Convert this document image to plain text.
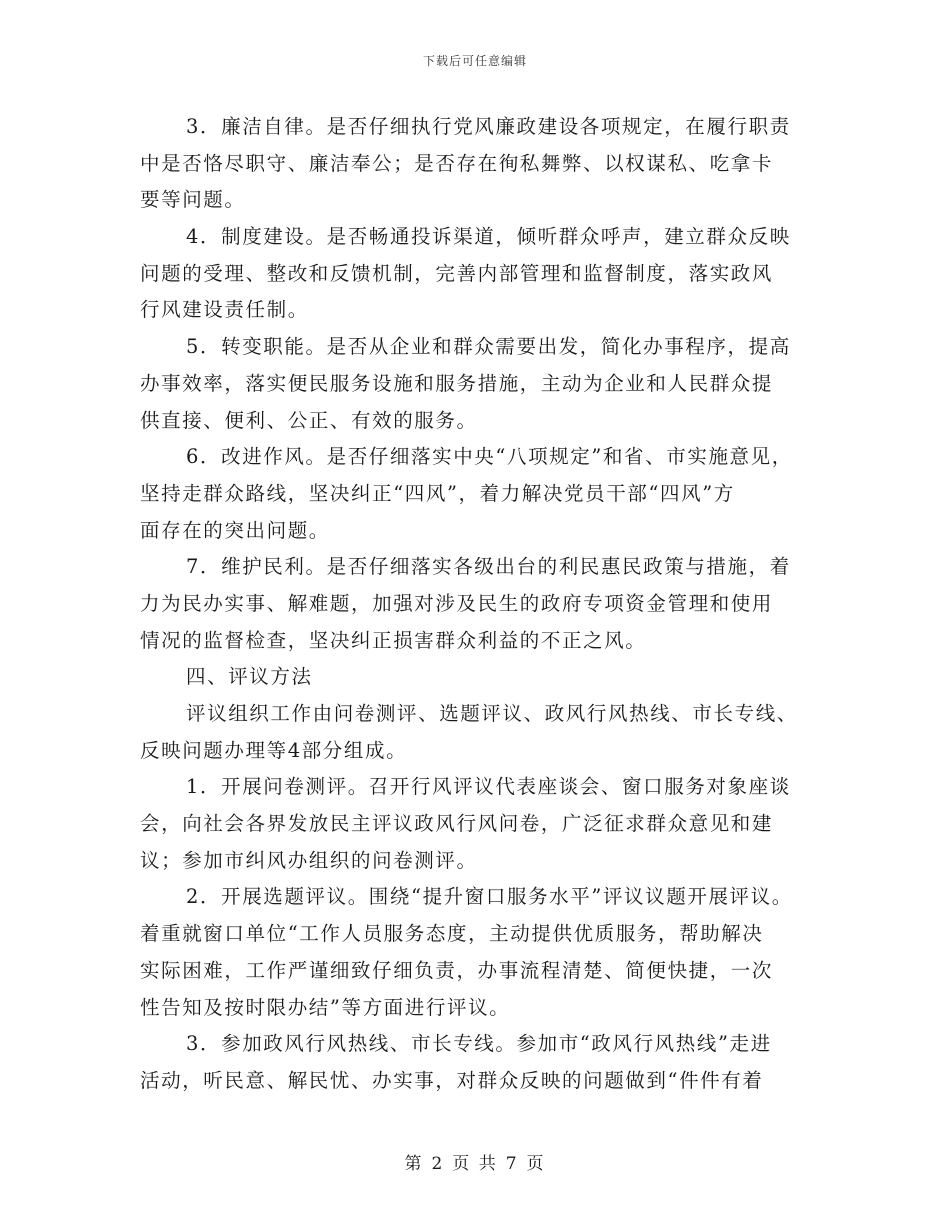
下载后可任意编辑
3．廉洁自律。是否仔细执行党风廉政建设各项规定，在履行职责
中是否恪尽职守、廉洁奉公；是否存在徇私舞弊、以权谋私、吃拿卡
要等问题。
4．制度建设。是否畅通投诉渠道，倾听群众呼声，建立群众反映
问题的受理、整改和反馈机制，完善内部管理和监督制度，落实政风
行风建设责任制。
5．转变职能。是否从企业和群众需要出发，简化办事程序，提高
办事效率，落实便民服务设施和服务措施，主动为企业和人民群众提
供直接、便利、公正、有效的服务。
6．改进作风。是否仔细落实中央“八项规定”和省、市实施意见，
坚持走群众路线，坚决纠正“四风”，着力解决党员干部“四风”方
面存在的突出问题。
7．维护民利。是否仔细落实各级出台的利民惠民政策与措施，着
力为民办实事、解难题，加强对涉及民生的政府专项资金管理和使用
情况的监督检查，坚决纠正损害群众利益的不正之风。
四、评议方法
评议组织工作由问卷测评、选题评议、政风行风热线、市长专线、
反映问题办理等4部分组成。
1．开展问卷测评。召开行风评议代表座谈会、窗口服务对象座谈
会，向社会各界发放民主评议政风行风问卷，广泛征求群众意见和建
议；参加市纠风办组织的问卷测评。
2．开展选题评议。围绕“提升窗口服务水平”评议议题开展评议。
着重就窗口单位“工作人员服务态度，主动提供优质服务，帮助解决
实际困难，工作严谨细致仔细负责，办事流程清楚、简便快捷，一次
性告知及按时限办结”等方面进行评议。
3．参加政风行风热线、市长专线。参加市“政风行风热线”走进
活动，听民意、解民忧、办实事，对群众反映的问题做到“件件有着
第 2 页 共 7 页
